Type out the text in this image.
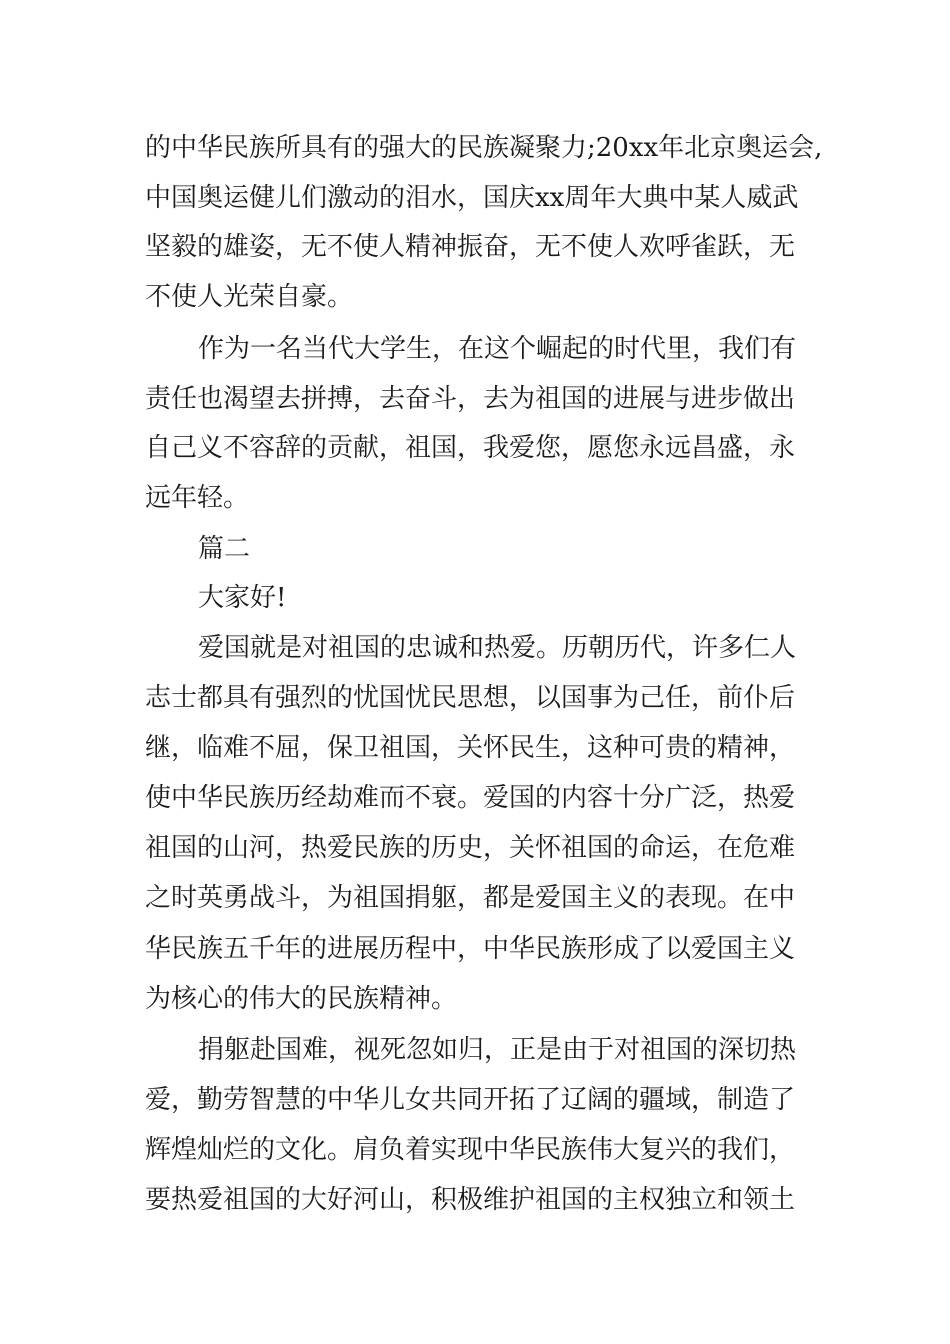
的中华民族所具有的强大的民族凝聚力;20xx年北京奥运会,
中国奥运健儿们激动的泪水，国庆xx周年大典中某人威武
坚毅的雄姿，无不使人精神振奋，无不使人欢呼雀跃，无
不使人光荣自豪。
作为一名当代大学生，在这个崛起的时代里，我们有
责任也渴望去拼搏，去奋斗，去为祖国的进展与进步做出
自己义不容辞的贡献，祖国，我爱您，愿您永远昌盛，永
远年轻。
篇二
大家好!
爱国就是对祖国的忠诚和热爱。历朝历代，许多仁人
志士都具有强烈的忧国忧民思想，以国事为己任，前仆后
继，临难不屈，保卫祖国，关怀民生，这种可贵的精神，
使中华民族历经劫难而不衰。爱国的内容十分广泛，热爱
祖国的山河，热爱民族的历史，关怀祖国的命运，在危难
之时英勇战斗，为祖国捐躯，都是爱国主义的表现。在中
华民族五千年的进展历程中，中华民族形成了以爱国主义
为核心的伟大的民族精神。
捐躯赴国难，视死忽如归，正是由于对祖国的深切热
爱，勤劳智慧的中华儿女共同开拓了辽阔的疆域，制造了
辉煌灿烂的文化。肩负着实现中华民族伟大复兴的我们，
要热爱祖国的大好河山，积极维护祖国的主权独立和领土
